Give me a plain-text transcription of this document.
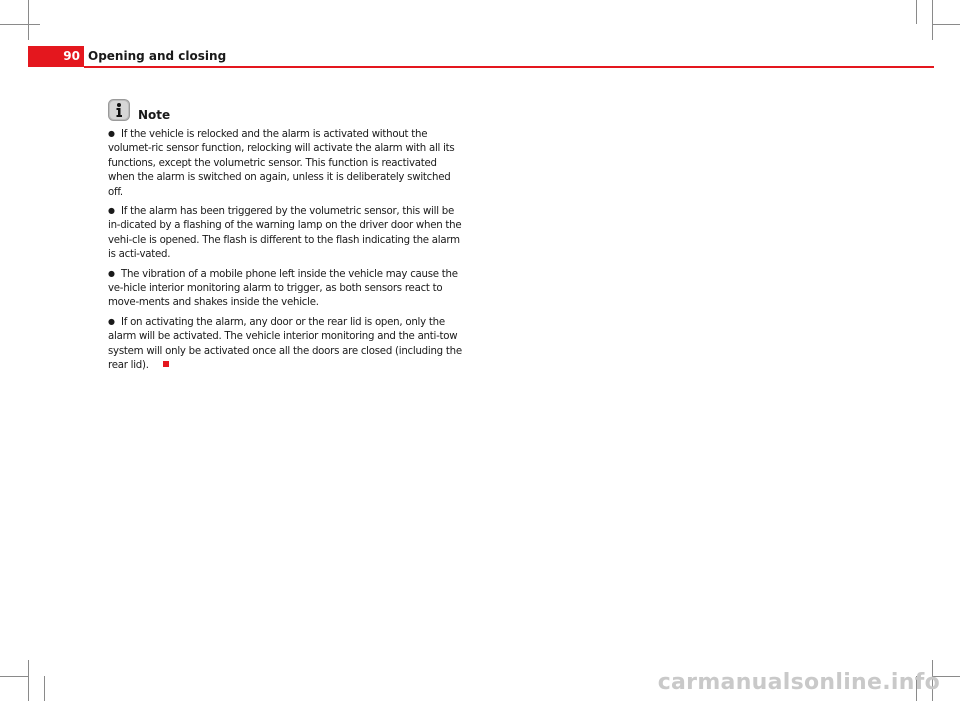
90 Opening and closing
Note
● If the vehicle is relocked and the alarm is activated without the volumet-ric sensor function, relocking will activate the alarm with all its functions, except the volumetric sensor. This function is reactivated when the alarm is switched on again, unless it is deliberately switched off.
● If the alarm has been triggered by the volumetric sensor, this will be in-dicated by a flashing of the warning lamp on the driver door when the vehi-cle is opened. The flash is different to the flash indicating the alarm is acti-vated.
● The vibration of a mobile phone left inside the vehicle may cause the ve-hicle interior monitoring alarm to trigger, as both sensors react to move-ments and shakes inside the vehicle.
● If on activating the alarm, any door or the rear lid is open, only the alarm will be activated. The vehicle interior monitoring and the anti-tow system will only be activated once all the doors are closed (including the rear lid).
carmanualsonline.info
